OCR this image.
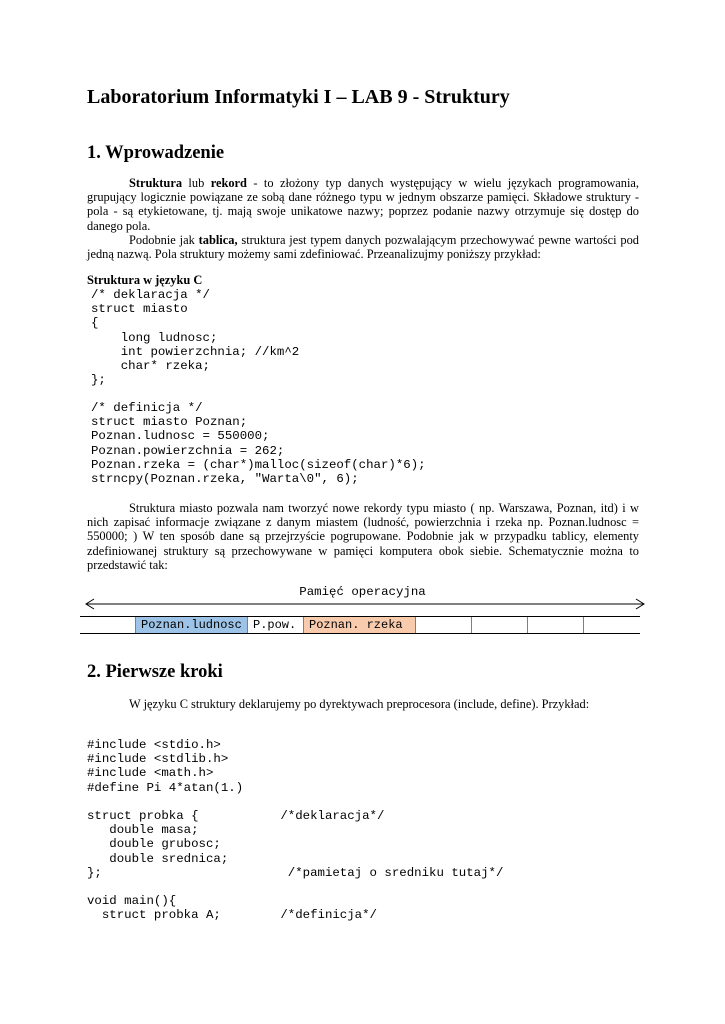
Laboratorium Informatyki I – LAB 9 - Struktury
1. Wprowadzenie

Struktura lub rekord - to złożony typ danych występujący w wielu językach programowania, grupujący logicznie powiązane ze sobą dane różnego typu w jednym obszarze pamięci. Składowe struktury - pola - są etykietowane, tj. mają swoje unikatowe nazwy; poprzez podanie nazwy otrzymuje się dostęp do danego pola.

Podobnie jak tablica, struktura jest typem danych pozwalającym przechowywać pewne wartości pod jedną nazwą. Pola struktury możemy sami zdefiniować. Przeanalizujmy poniższy przykład:

Struktura w języku C

/* deklaracja */
struct miasto
{
long ludnosc;
int powierzchnia; //km^2
char* rzeka;
};
/* definicja */
struct miasto Poznan;
Poznan.ludnosc = 550000;
Poznan.powierzchnia = 262;
Poznan.rzeka = (char*)malloc(sizeof(char)*6);
strncpy(Poznan.rzeka, "Warta\0", 6);

Struktura miasto pozwala nam tworzyć nowe rekordy typu miasto ( np. Warszawa, Poznan, itd) i w nich zapisać informacje związane z danym miastem (ludność, powierzchnia i rzeka np. Poznan.ludnosc = 550000; ) W ten sposób dane są przejrzyście pogrupowane. Podobnie jak w przypadku tablicy, elementy zdefiniowanej struktury są przechowywane w pamięci komputera obok siebie. Schematycznie można to przedstawić tak:

Pamięć operacyjna
Poznan.ludnosc P.pow.	Poznan. rzeka
2. Pierwsze kroki

W języku C struktury deklarujemy po dyrektywach preprocesora (include, define). Przykład:

#include <stdio.h>
#include <stdlib.h>
#include <math.h>
#define Pi 4*atan(1.)
struct probka {           /*deklaracja*/
double masa;
double grubosc;
double srednica;
};                         /*pamietaj o sredniku tutaj*/
void main(){
struct probka A;        /*definicja*/
